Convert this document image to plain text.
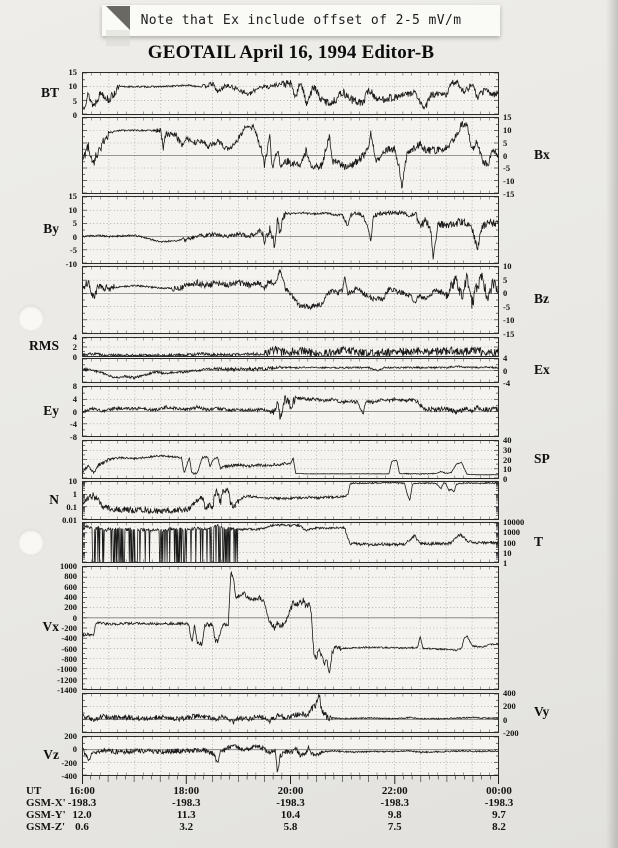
Note that Ex include offset of 2-5 mV/m
GEOTAIL April 16, 1994 Editor-B
15
10
5
0
BT
15
10
5
0
-5
-10
-15
Bx
15
10
5
0
-5
-10
By
10
5
0
-5
-10
-15
Bz
4
2
0
RMS
4
0
-4
Ex
8
4
0
-4
-8
Ey
40
30
20
10
0
SP
10
1
0.1
0.01
N
10000
1000
100
10
1
T
1000
800
600
400
200
0
-200
-400
-600
-800
-1000
-1200
-1400
Vx
400
200
0
-200
Vy
200
0
-200
-400
Vz
UT	16:00	18:00	20:00	22:00	00:00
GSM-X' -198.3	-198.3	-198.3	-198.3	-198.3
GSM-Y' 12.0	11.3	10.4	9.8	9.7
GSM-Z' 0.6	3.2	5.8	7.5	8.2
